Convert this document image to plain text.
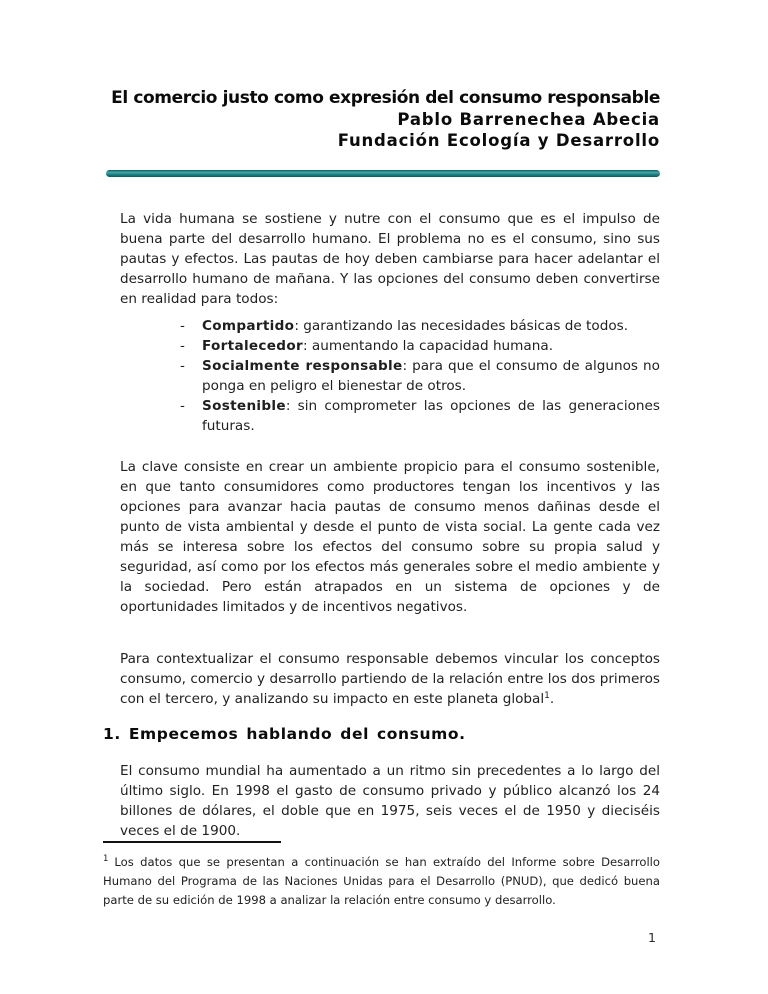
El comercio justo como expresión del consumo responsable
Pablo Barrenechea Abecia
Fundación Ecología y Desarrollo

La vida humana se sostiene y nutre con el consumo que es el impulso de buena parte del desarrollo humano. El problema no es el consumo, sino sus pautas y efectos. Las pautas de hoy deben cambiarse para hacer adelantar el desarrollo humano de mañana. Y las opciones del consumo deben convertirse en realidad para todos:

-	Compartido: garantizando las necesidades básicas de todos.
-	Fortalecedor: aumentando la capacidad humana.
-	Socialmente responsable: para que el consumo de algunos no ponga en peligro el bienestar de otros.
-	Sostenible: sin comprometer las opciones de las generaciones futuras.

La clave consiste en crear un ambiente propicio para el consumo sostenible, en que tanto consumidores como productores tengan los incentivos y las opciones para avanzar hacia pautas de consumo menos dañinas desde el punto de vista ambiental y desde el punto de vista social. La gente cada vez más se interesa sobre los efectos del consumo sobre su propia salud y seguridad, así como por los efectos más generales sobre el medio ambiente y la sociedad. Pero están atrapados en un sistema de opciones y de oportunidades limitados y de incentivos negativos.

Para contextualizar el consumo responsable debemos vincular los conceptos consumo, comercio y desarrollo partiendo de la relación entre los dos primeros con el tercero, y analizando su impacto en este planeta global$^1$.

1. Empecemos hablando del consumo.

El consumo mundial ha aumentado a un ritmo sin precedentes a lo largo del último siglo. En 1998 el gasto de consumo privado y público alcanzó los 24 billones de dólares, el doble que en 1975, seis veces el de 1950 y dieciséis veces el de 1900.

$^1$ Los datos que se presentan a continuación se han extraído del Informe sobre Desarrollo Humano del Programa de las Naciones Unidas para el Desarrollo (PNUD), que dedicó buena parte de su edición de 1998 a analizar la relación entre consumo y desarrollo.

1
